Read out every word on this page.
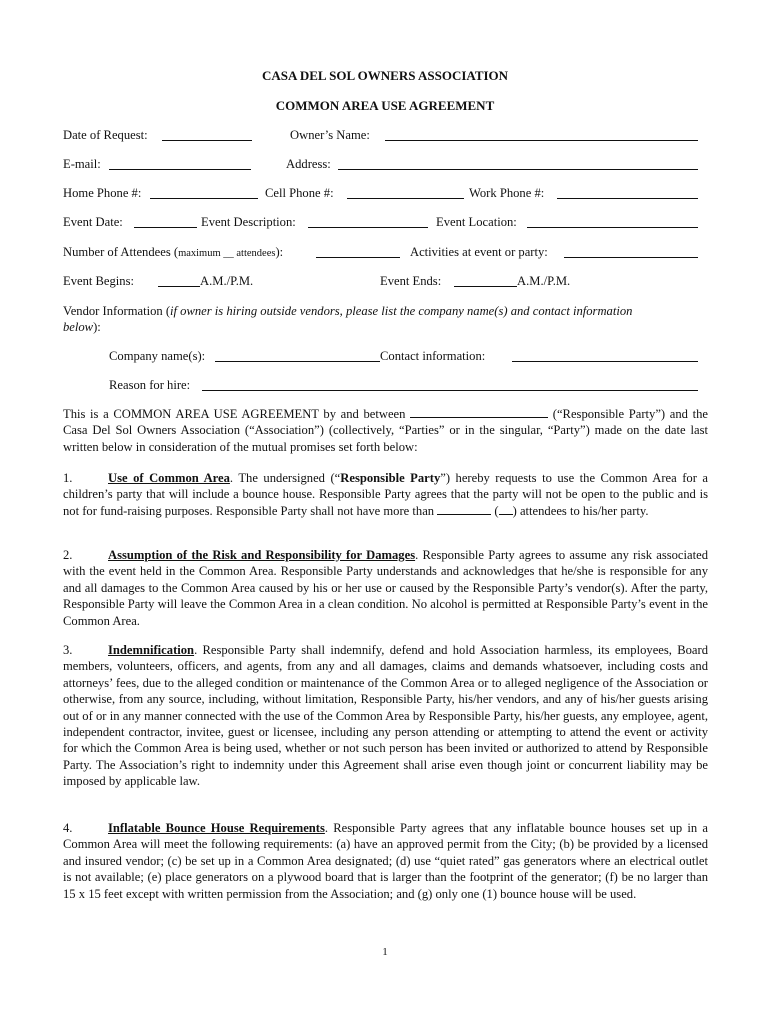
CASA DEL SOL OWNERS ASSOCIATION
COMMON AREA USE AGREEMENT
Date of Request:	Owner’s Name:
E-mail:	Address:
Home Phone #:	Cell Phone #:	Work Phone #:
Event Date:	Event Description:	Event Location:
Number of Attendees (maximum __ attendees):	Activities at event or party:
Event Begins:	A.M./P.M.	Event Ends:	A.M./P.M.
Vendor Information (if owner is hiring outside vendors, please list the company name(s) and contact information
below):
Company name(s):	Contact information:
Reason for hire:
This is a COMMON AREA USE AGREEMENT by and between	(“Responsible Party”) and the Casa Del Sol Owners Association (“Association”) (collectively, “Parties” or in the singular, “Party”) made on the date last written below in consideration of the mutual promises set forth below:
1.	Use of Common Area. The undersigned (“Responsible Party”) hereby requests to use the Common Area for a children’s party that will include a bounce house. Responsible Party agrees that the party will not be open to the public and is not for fund-raising purposes. Responsible Party shall not have more than	( ) attendees to his/her party.
2.	Assumption of the Risk and Responsibility for Damages. Responsible Party agrees to assume any risk associated with the event held in the Common Area. Responsible Party understands and acknowledges that he/she is responsible for any and all damages to the Common Area caused by his or her use or caused by the Responsible Party’s vendor(s). After the party, Responsible Party will leave the Common Area in a clean condition. No alcohol is permitted at Responsible Party’s event in the Common Area.
3.	Indemnification. Responsible Party shall indemnify, defend and hold Association harmless, its employees, Board members, volunteers, officers, and agents, from any and all damages, claims and demands whatsoever, including costs and attorneys’ fees, due to the alleged condition or maintenance of the Common Area or to alleged negligence of the Association or otherwise, from any source, including, without limitation, Responsible Party, his/her vendors, and any of his/her guests arising out of or in any manner connected with the use of the Common Area by Responsible Party, his/her guests, any employee, agent, independent contractor, invitee, guest or licensee, including any person attending or attempting to attend the event or activity for which the Common Area is being used, whether or not such person has been invited or authorized to attend by Responsible Party. The Association’s right to indemnity under this Agreement shall arise even though joint or concurrent liability may be imposed by applicable law.
4.	Inflatable Bounce House Requirements. Responsible Party agrees that any inflatable bounce houses set up in a Common Area will meet the following requirements: (a) have an approved permit from the City; (b) be provided by a licensed and insured vendor; (c) be set up in a Common Area designated; (d) use “quiet rated” gas generators where an electrical outlet is not available; (e) place generators on a plywood board that is larger than the footprint of the generator; (f) be no larger than 15 x 15 feet except with written permission from the Association; and (g) only one (1) bounce house will be used.
1
